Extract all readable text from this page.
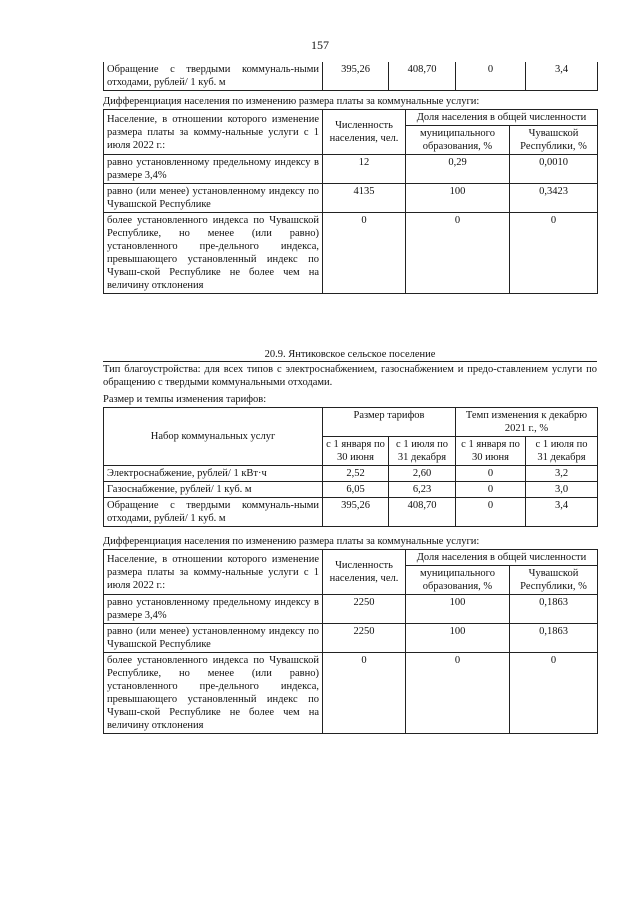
157
Обращение с твердыми коммуналь-ными отходами, рублей/ 1 куб. м	395,26	408,70	0	3,4
Дифференциация населения по изменению размера платы за коммунальные услуги:
Население, в отношении которого изменение размера платы за комму-нальные услуги с 1 июля 2022 г.:	Численность населения, чел.	Доля населения в общей численности	
		муниципального образования, %	Чувашской Республики, %
равно установленному предельному индексу в размере 3,4%	12	0,29	0,0010
равно (или менее) установленному индексу по Чувашской Республике	4135	100	0,3423
более установленного индекса по Чувашской Республике, но менее (или равно) установленного пре-дельного индекса, превышающего установленный индекс по Чуваш-ской Республике не более чем на величину отклонения	0	0	0
20.9. Янтиковское сельское поселение
Тип благоустройства: для всех типов с электроснабжением, газоснабжением и предо-ставлением услуги по обращению с твердыми коммунальными отходами.
Размер и темпы изменения тарифов:
Набор коммунальных услуг	Размер тарифов		Темп изменения к декабрю 2021 г., %	
	с 1 января по 30 июня	с 1 июля по 31 декабря	с 1 января по 30 июня	с 1 июля по 31 декабря
Электроснабжение, рублей/ 1 кВт·ч	2,52	2,60	0	3,2
Газоснабжение, рублей/ 1 куб. м	6,05	6,23	0	3,0
Обращение с твердыми коммуналь-ными отходами, рублей/ 1 куб. м	395,26	408,70	0	3,4
Дифференциация населения по изменению размера платы за коммунальные услуги:
Население, в отношении которого изменение размера платы за комму-нальные услуги с 1 июля 2022 г.:	Численность населения, чел.	Доля населения в общей численности	
		муниципального образования, %	Чувашской Республики, %
равно установленному предельному индексу в размере 3,4%	2250	100	0,1863
равно (или менее) установленному индексу по Чувашской Республике	2250	100	0,1863
более установленного индекса по Чувашской Республике, но менее (или равно) установленного пре-дельного индекса, превышающего установленный индекс по Чуваш-ской Республике не более чем на величину отклонения	0	0	0
